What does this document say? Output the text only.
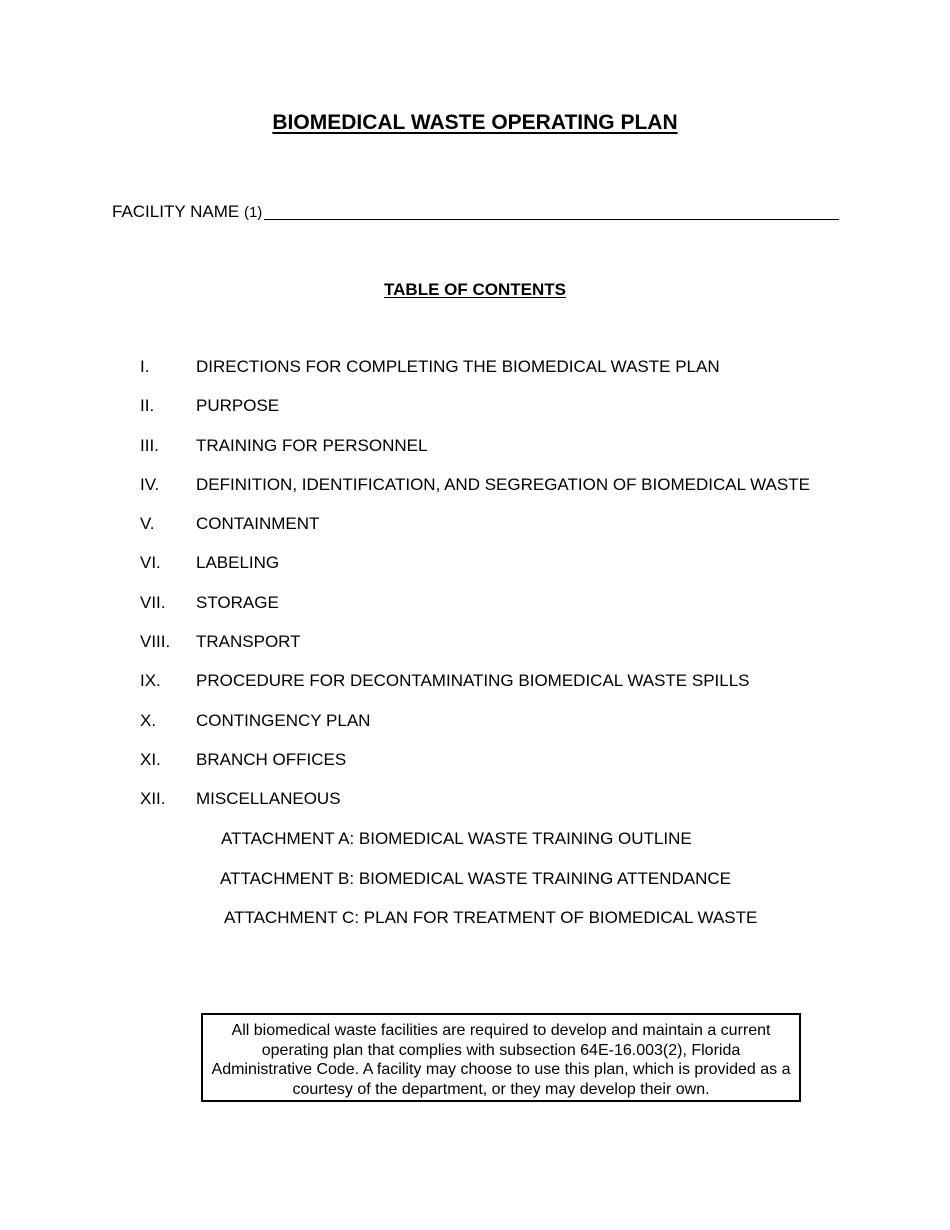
BIOMEDICAL WASTE OPERATING PLAN
FACILITY NAME (1)
TABLE OF CONTENTS
I.	DIRECTIONS FOR COMPLETING THE BIOMEDICAL WASTE PLAN
II.	PURPOSE
III.	TRAINING FOR PERSONNEL
IV.	DEFINITION, IDENTIFICATION, AND SEGREGATION OF BIOMEDICAL WASTE
V.	CONTAINMENT
VI.	LABELING
VII.	STORAGE
VIII.	TRANSPORT
IX.	PROCEDURE FOR DECONTAMINATING BIOMEDICAL WASTE SPILLS
X.	CONTINGENCY PLAN
XI.	BRANCH OFFICES
XII.	MISCELLANEOUS
ATTACHMENT A: BIOMEDICAL WASTE TRAINING OUTLINE
ATTACHMENT B: BIOMEDICAL WASTE TRAINING ATTENDANCE
ATTACHMENT C: PLAN FOR TREATMENT OF BIOMEDICAL WASTE
All biomedical waste facilities are required to develop and maintain a current operating plan that complies with subsection 64E-16.003(2), Florida Administrative Code. A facility may choose to use this plan, which is provided as a courtesy of the department, or they may develop their own.
